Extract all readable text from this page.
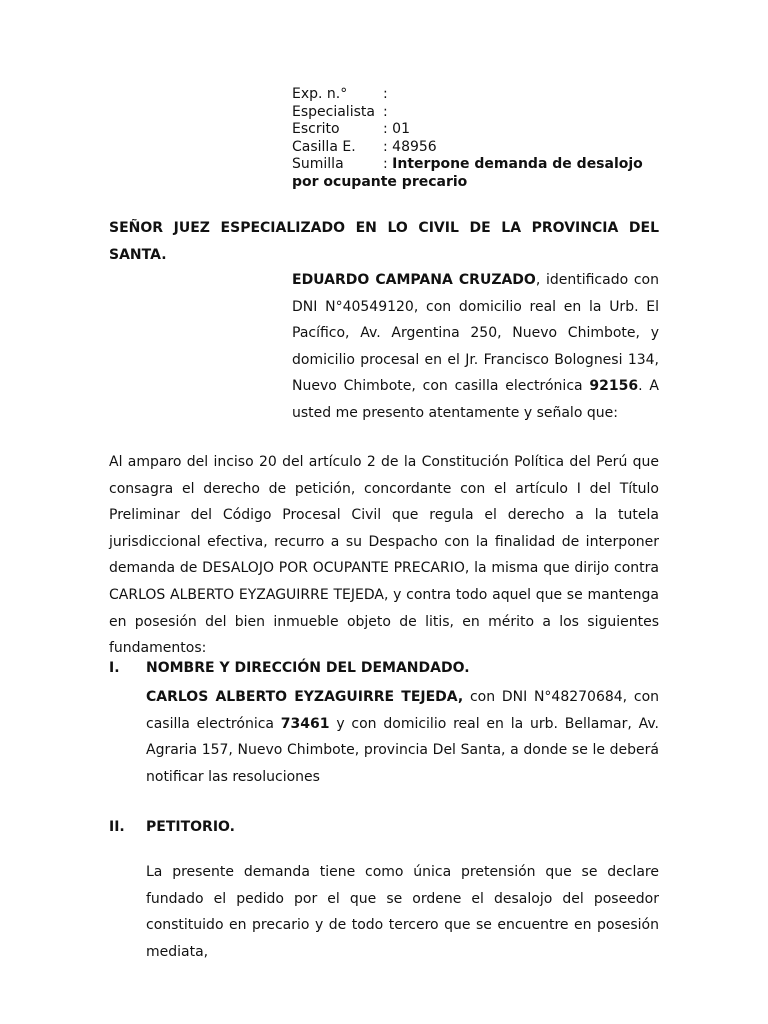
Exp. n.°	:
Especialista :
Escrito	: 01
Casilla E. : 48956
Sumilla	: Interpone demanda de desalojo
por ocupante precario
SEÑOR JUEZ ESPECIALIZADO EN LO CIVIL DE LA PROVINCIA DEL
SANTA.
EDUARDO CAMPANA CRUZADO, identificado con DNI N°40549120, con domicilio real en la Urb. El Pacífico, Av. Argentina 250, Nuevo Chimbote, y domicilio procesal en el Jr. Francisco Bolognesi 134, Nuevo Chimbote, con casilla electrónica 92156. A usted me presento atentamente y señalo que:
Al amparo del inciso 20 del artículo 2 de la Constitución Política del Perú que consagra el derecho de petición, concordante con el artículo I del Título Preliminar del Código Procesal Civil que regula el derecho a la tutela jurisdiccional efectiva, recurro a su Despacho con la finalidad de interponer demanda de DESALOJO POR OCUPANTE PRECARIO, la misma que dirijo contra CARLOS ALBERTO EYZAGUIRRE TEJEDA, y contra todo aquel que se mantenga en posesión del bien inmueble objeto de litis, en mérito a los siguientes fundamentos:
I. NOMBRE Y DIRECCIÓN DEL DEMANDADO.
CARLOS ALBERTO EYZAGUIRRE TEJEDA, con DNI N°48270684, con casilla electrónica 73461 y con domicilio real en la urb. Bellamar, Av. Agraria 157, Nuevo Chimbote, provincia Del Santa, a donde se le deberá notificar las resoluciones
II. PETITORIO.
La presente demanda tiene como única pretensión que se declare fundado el pedido por el que se ordene el desalojo del poseedor constituido en precario y de todo tercero que se encuentre en posesión mediata,
